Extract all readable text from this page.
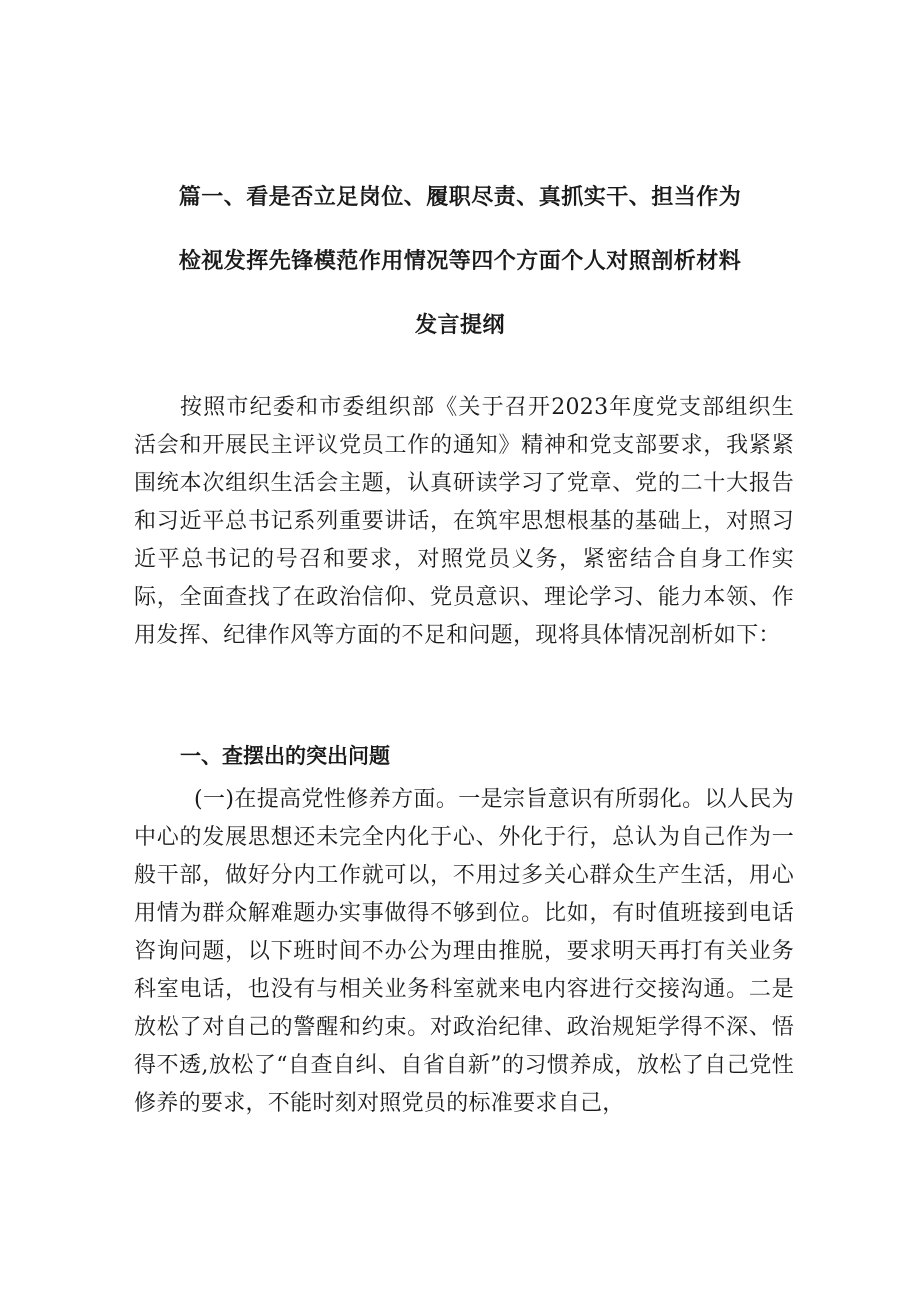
篇一、看是否立足岗位、履职尽责、真抓实干、担当作为
检视发挥先锋模范作用情况等四个方面个人对照剖析材料
发言提纲

按照市纪委和市委组织部《关于召开2023年度党支部组织生活会和开展民主评议党员工作的通知》精神和党支部要求，我紧紧围统本次组织生活会主题，认真研读学习了党章、党的二十大报告和习近平总书记系列重要讲话，在筑牢思想根基的基础上，对照习近平总书记的号召和要求，对照党员义务，紧密结合自身工作实际，全面查找了在政治信仰、党员意识、理论学习、能力本领、作用发挥、纪律作风等方面的不足和问题，现将具体情况剖析如下：

一、查摆出的突出问题

(一)在提高党性修养方面。一是宗旨意识有所弱化。以人民为中心的发展思想还未完全内化于心、外化于行，总认为自己作为一般干部，做好分内工作就可以，不用过多关心群众生产生活，用心用情为群众解难题办实事做得不够到位。比如，有时值班接到电话咨询问题，以下班时间不办公为理由推脱，要求明天再打有关业务科室电话，也没有与相关业务科室就来电内容进行交接沟通。二是放松了对自己的警醒和约束。对政治纪律、政治规矩学得不深、悟得不透,放松了“自查自纠、自省自新”的习惯养成，放松了自己党性修养的要求，不能时刻对照党员的标准要求自己，
